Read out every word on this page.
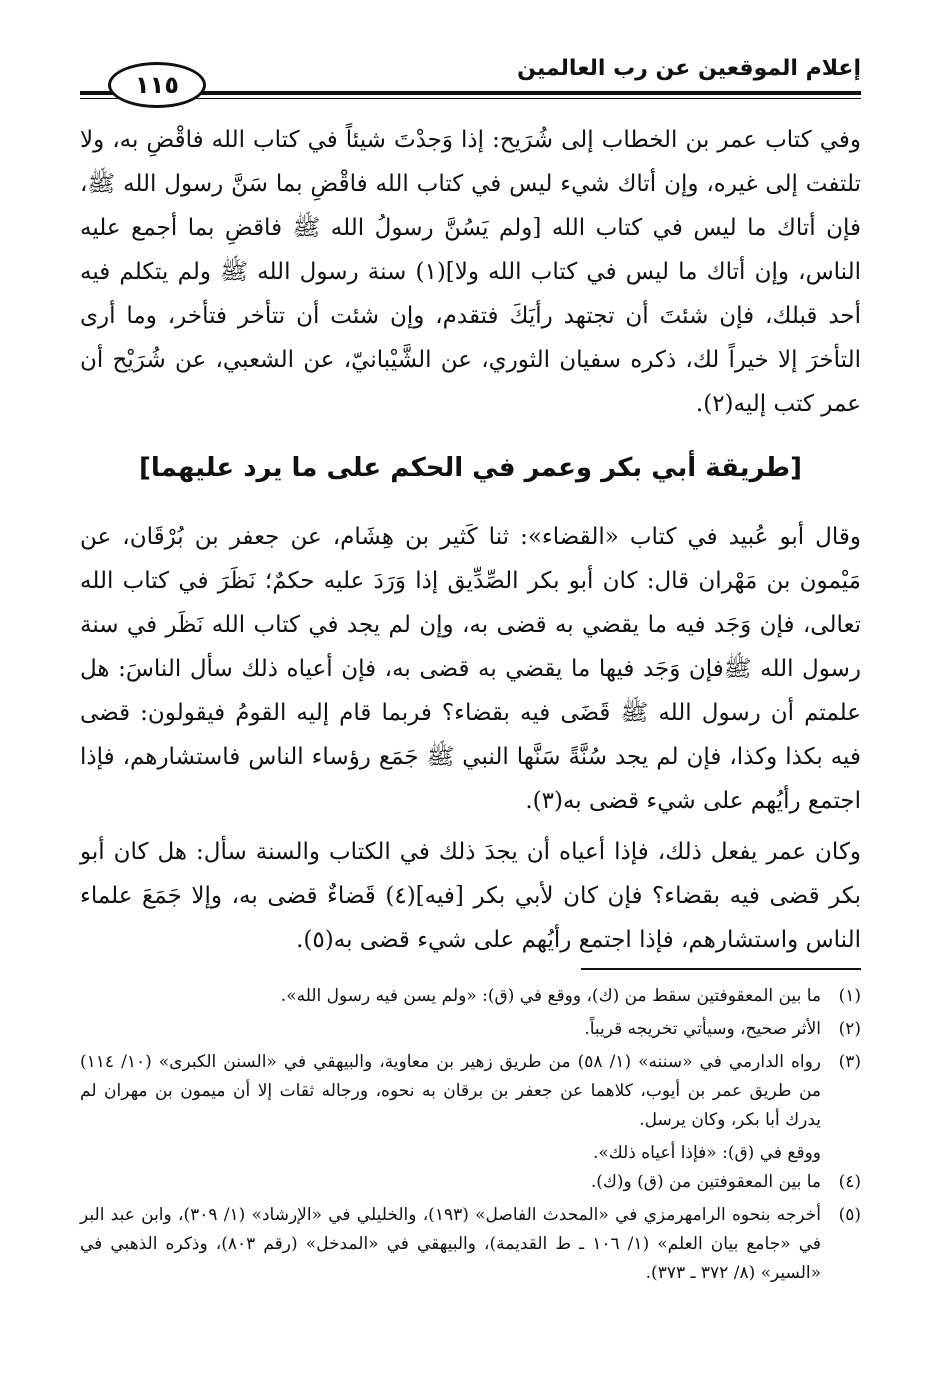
إعلام الموقعين عن رب العالمين
١١٥
وفي كتاب عمر بن الخطاب إلى شُرَيح: إذا وَجدْتَ شيئاً في كتاب الله فاقْضِ به، ولا تلتفت إلى غيره، وإن أتاك شيء ليس في كتاب الله فاقْضِ بما سَنَّ رسول الله ﷺ، فإن أتاك ما ليس في كتاب الله [ولم يَسُنَّ رسولُ الله ﷺ فاقضِ بما أجمع عليه الناس، وإن أتاك ما ليس في كتاب الله ولا](١) سنة رسول الله ﷺ ولم يتكلم فيه أحد قبلك، فإن شئتَ أن تجتهد رأيَكَ فتقدم، وإن شئت أن تتأخر فتأخر، وما أرى التأخرَ إلا خيراً لك، ذكره سفيان الثوري، عن الشَّيْبانيّ، عن الشعبي، عن شُرَيْح أن عمر كتب إليه(٢).
[طريقة أبي بكر وعمر في الحكم على ما يرد عليهما]
وقال أبو عُبيد في كتاب «القضاء»: ثنا كَثير بن هِشَام، عن جعفر بن بُرْقَان، عن مَيْمون بن مَهْران قال: كان أبو بكر الصِّدِّيق إذا وَرَدَ عليه حكمٌ؛ نَظَرَ في كتاب الله تعالى، فإن وَجَد فيه ما يقضي به قضى به، وإن لم يجد في كتاب الله نَظَر في سنة رسول الله ﷺفإن وَجَد فيها ما يقضي به قضى به، فإن أعياه ذلك سأل الناسَ: هل علمتم أن رسول الله ﷺ قَضَى فيه بقضاء؟ فربما قام إليه القومُ فيقولون: قضى فيه بكذا وكذا، فإن لم يجد سُنَّةً سَنَّها النبي ﷺ جَمَع رؤساء الناس فاستشارهم، فإذا اجتمع رأيُهم على شيء قضى به(٣).
وكان عمر يفعل ذلك، فإذا أعياه أن يجدَ ذلك في الكتاب والسنة سأل: هل كان أبو بكر قضى فيه بقضاء؟ فإن كان لأبي بكر [فيه](٤) قَضاءٌ قضى به، وإلا جَمَعَ علماء الناس واستشارهم، فإذا اجتمع رأيُهم على شيء قضى به(٥).
(١)
ما بين المعقوفتين سقط من (ك)، ووقع في (ق): «ولم يسن فيه رسول الله».
(٢)
الأثر صحيح، وسيأتي تخريجه قريباً.
(٣)
رواه الدارمي في «سننه» (١/ ٥٨) من طريق زهير بن معاوية، والبيهقي في «السنن الكبرى» (١٠/ ١١٤) من طريق عمر بن أيوب، كلاهما عن جعفر بن برقان به نحوه، ورجاله ثقات إلا أن ميمون بن مهران لم يدرك أبا بكر، وكان يرسل.
ووقع في (ق): «فإذا أعياه ذلك».
(٤)
ما بين المعقوفتين من (ق) و(ك).
(٥)
أخرجه بنحوه الرامهرمزي في «المحدث الفاصل» (١٩٣)، والخليلي في «الإرشاد» (١/ ٣٠٩)، وابن عبد البر في «جامع بيان العلم» (١/ ١٠٦ ـ ط القديمة)، والبيهقي في «المدخل» (رقم ٨٠٣)، وذكره الذهبي في «السير» (٨/ ٣٧٢ ـ ٣٧٣).
